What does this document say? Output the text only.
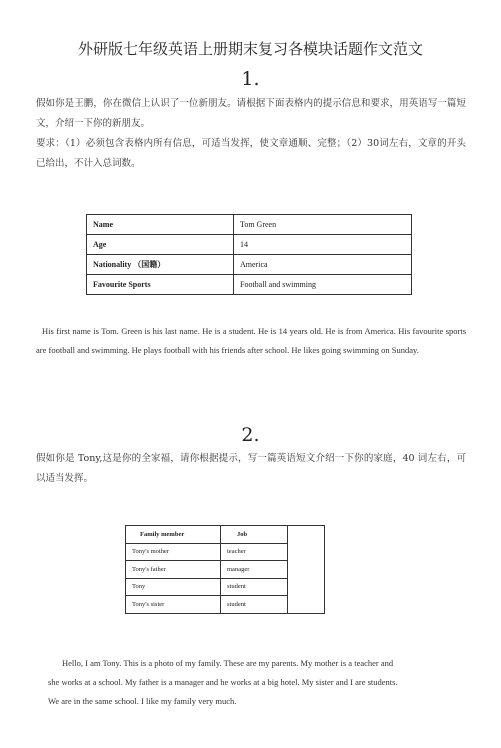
外研版七年级英语上册期末复习各模块话题作文范文
1.
假如你是王鹏，你在微信上认识了一位新朋友。请根据下面表格内的提示信息和要求，用英语写一篇短文，介绍一下你的新朋友。
要求：（1）必须包含表格内所有信息，可适当发挥，使文章通顺、完整；（2）30词左右，文章的开头已给出，不计入总词数。
Name	Tom Green
Age	14
Nationality （国籍）	America
Favourite Sports	Football and swimming
His first name is Tom. Green is his last name. He is a student. He is 14 years old. He is from America. His favourite sports are football and swimming. He plays football with his friends after school. He likes going swimming on Sunday.
2.
假如你是 Tony,这是你的全家福，请你根据提示，写一篇英语短文介绍一下你的家庭，40 词左右，可以适当发挥。
Family member	Job	
Tony's mother	teacher	
Tony's father	manager	
Tony	student	
Tony's sister	student	
Hello, I am Tony. This is a photo of my family. These are my parents. My mother is a teacher and
she works at a school. My father is a manager and he works at a big hotel. My sister and I are students.
We are in the same school. I like my family very much.
